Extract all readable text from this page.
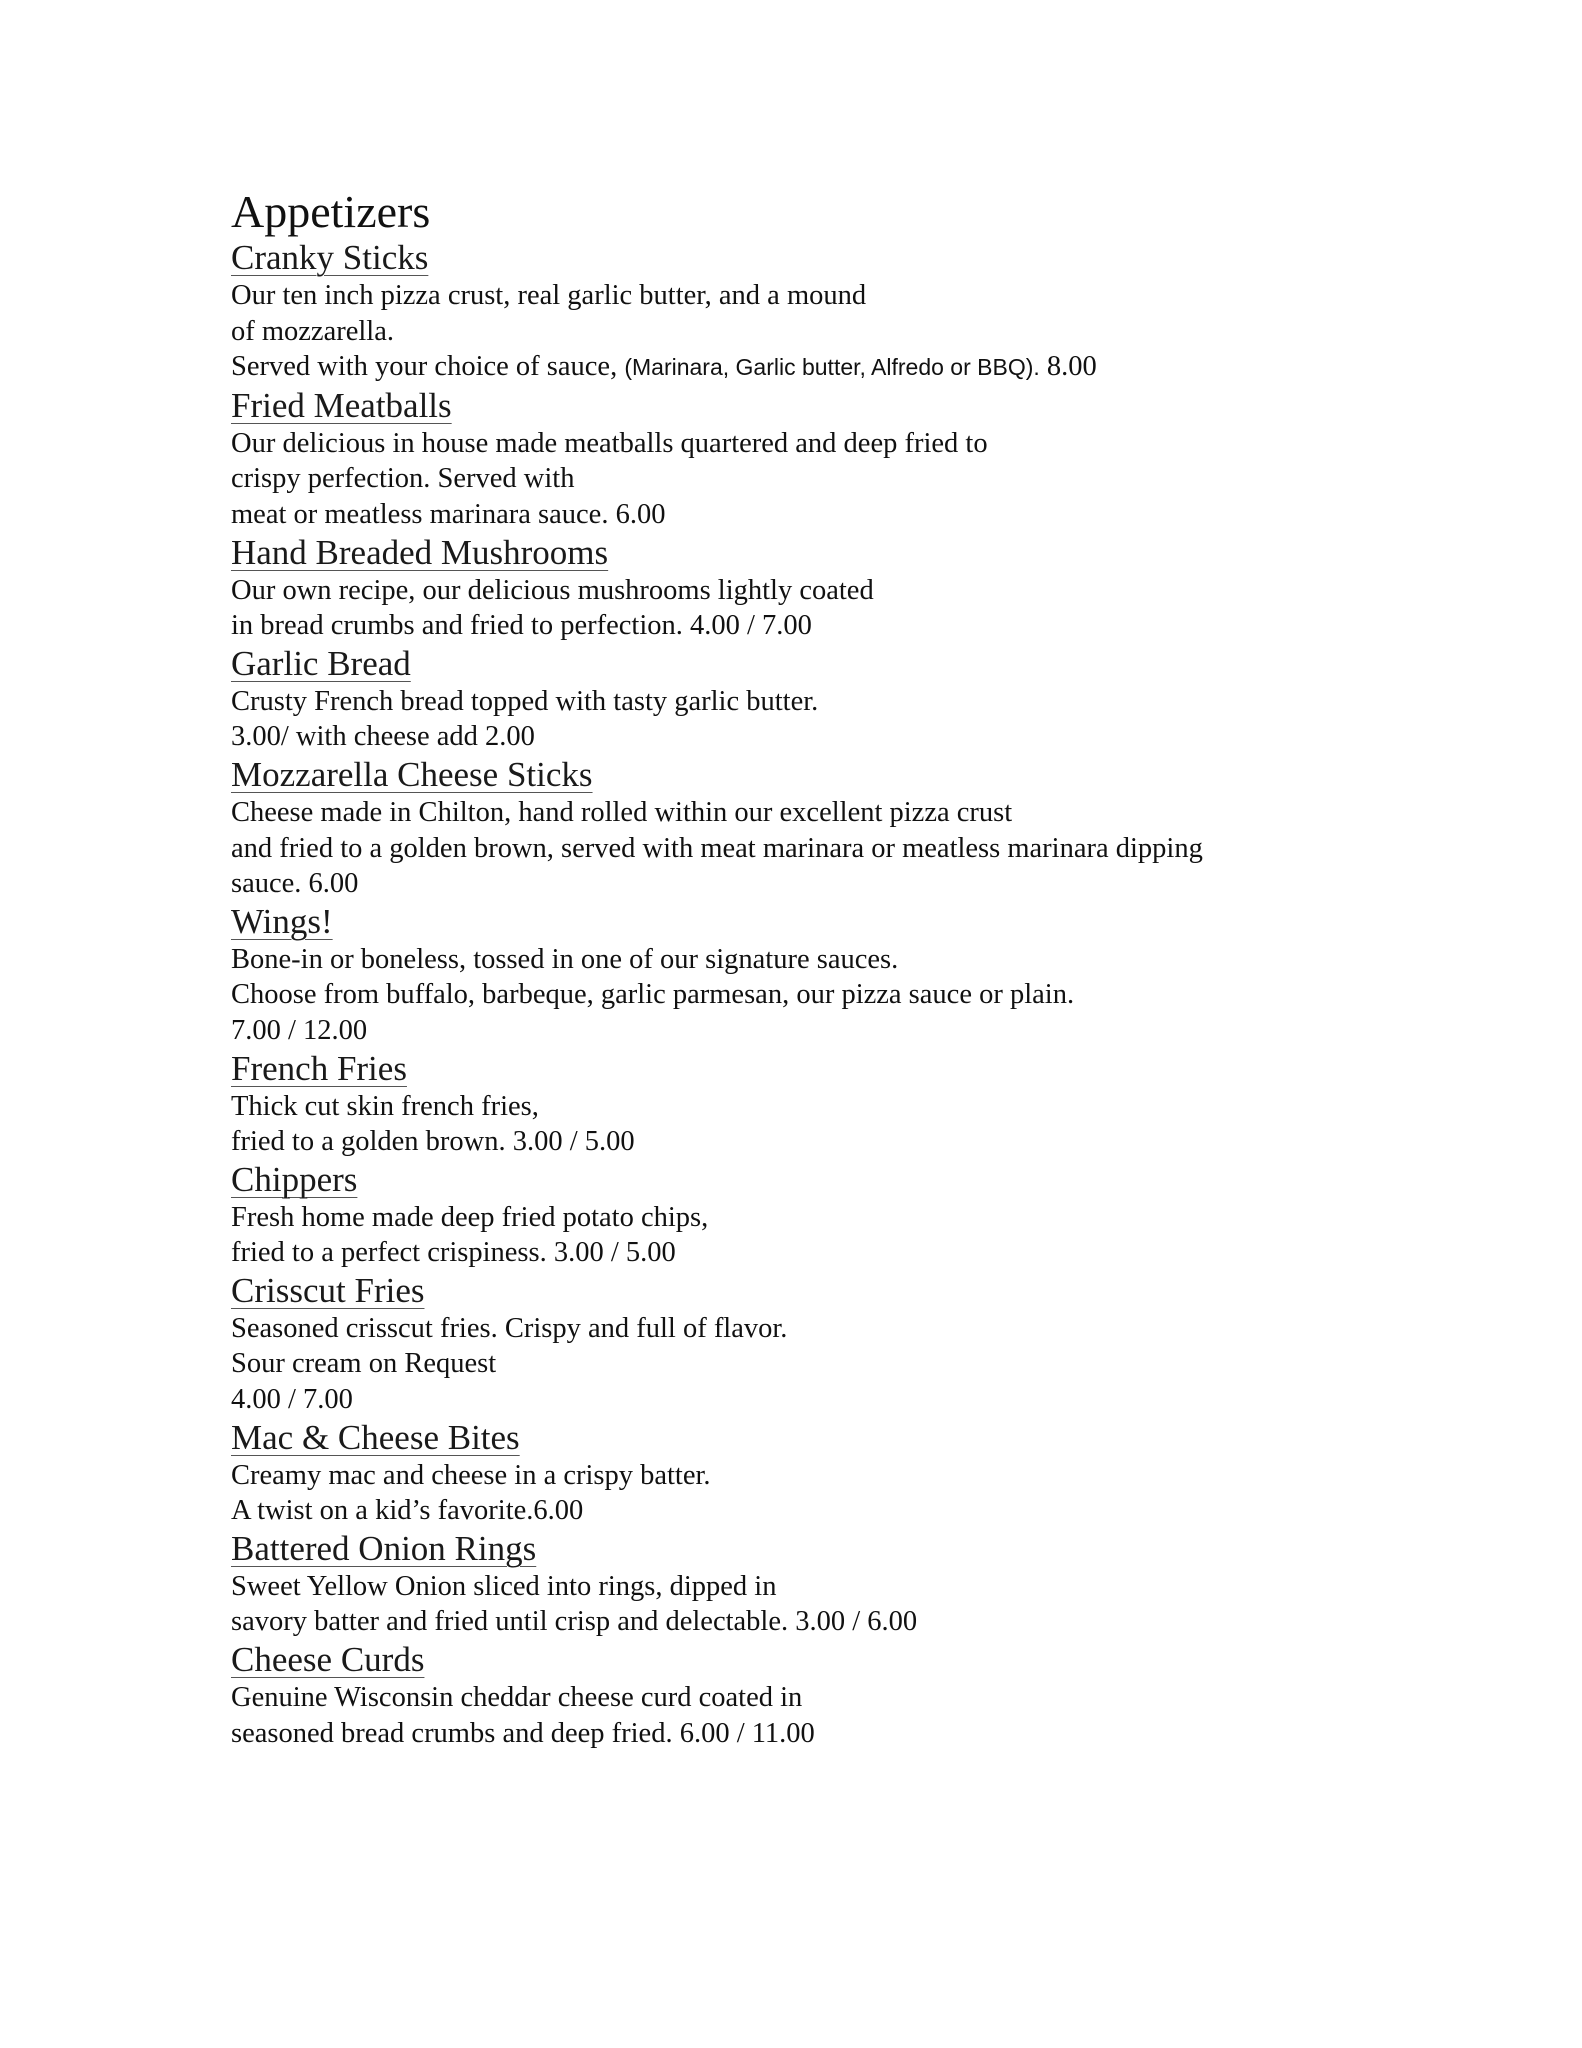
Appetizers
Cranky Sticks

Our ten inch pizza crust, real garlic butter, and a mound

of mozzarella.

Served with your choice of sauce, (Marinara, Garlic butter, Alfredo or BBQ). 8.00

Fried Meatballs

Our delicious in house made meatballs quartered and deep fried to

crispy perfection. Served with

meat or meatless marinara sauce. 6.00

Hand Breaded Mushrooms

Our own recipe, our delicious mushrooms lightly coated

in bread crumbs and fried to perfection. 4.00 / 7.00

Garlic Bread

Crusty French bread topped with tasty garlic butter.

3.00/ with cheese add 2.00

Mozzarella Cheese Sticks

Cheese made in Chilton, hand rolled within our excellent pizza crust

and fried to a golden brown, served with meat marinara or meatless marinara dipping

sauce. 6.00

Wings!

Bone-in or boneless, tossed in one of our signature sauces.

Choose from buffalo, barbeque, garlic parmesan, our pizza sauce or plain.

7.00 / 12.00

French Fries

Thick cut skin french fries,

fried to a golden brown. 3.00 / 5.00

Chippers

Fresh home made deep fried potato chips,

fried to a perfect crispiness. 3.00 / 5.00

Crisscut Fries

Seasoned crisscut fries. Crispy and full of flavor.

Sour cream on Request

4.00 / 7.00

Mac & Cheese Bites

Creamy mac and cheese in a crispy batter.

A twist on a kid’s favorite.6.00

Battered Onion Rings

Sweet Yellow Onion sliced into rings, dipped in

savory batter and fried until crisp and delectable. 3.00 / 6.00

Cheese Curds

Genuine Wisconsin cheddar cheese curd coated in

seasoned bread crumbs and deep fried. 6.00 / 11.00
